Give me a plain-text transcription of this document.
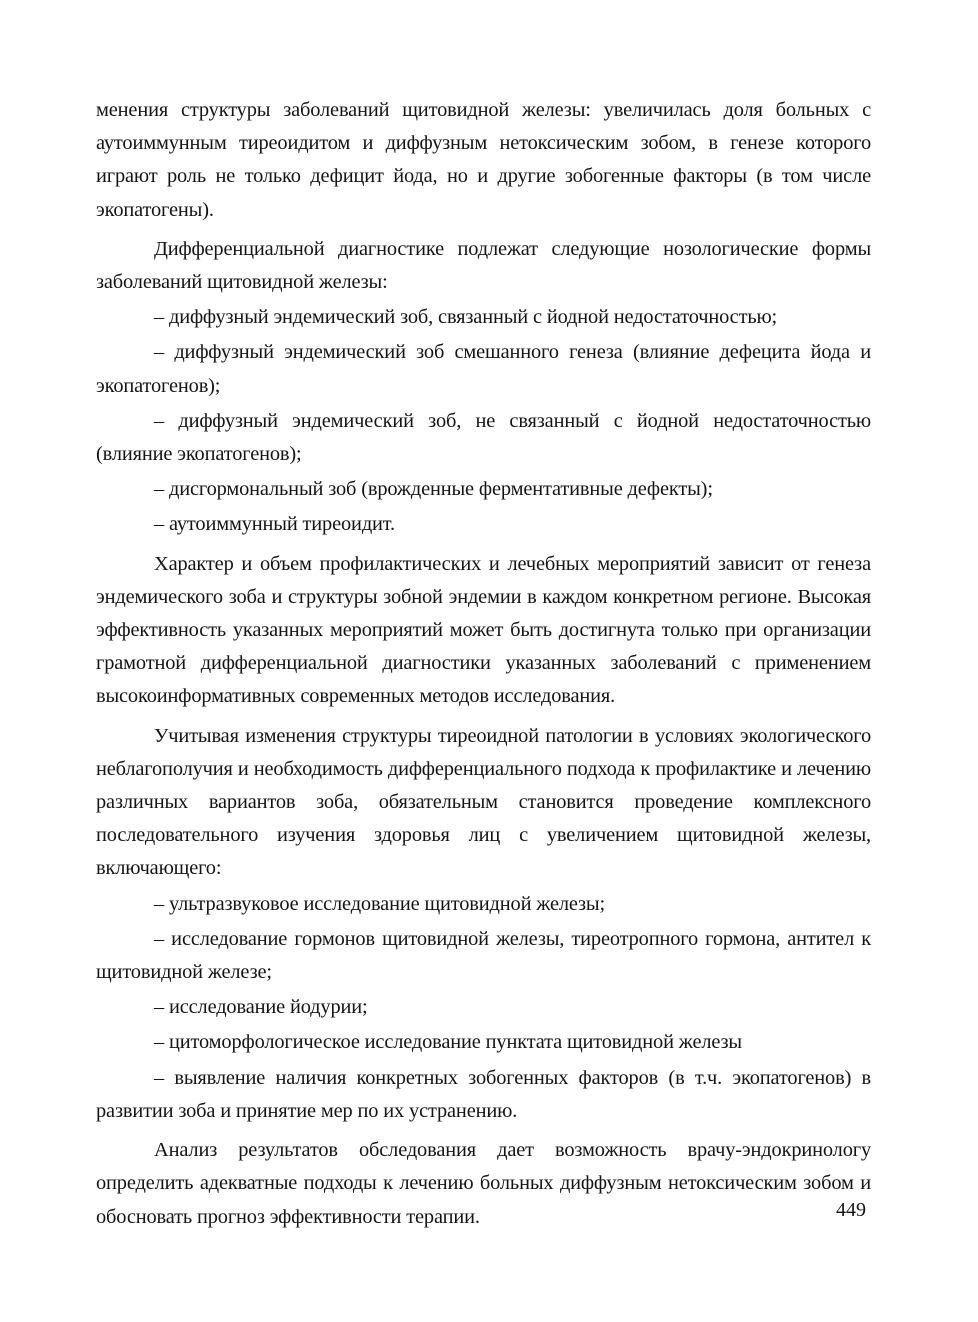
менения структуры заболеваний щитовидной железы: увеличилась доля больных с аутоиммунным тиреоидитом и диффузным нетоксическим зобом, в генезе которого играют роль не только дефицит йода, но и другие зобогенные факторы (в том числе экопатогены).

Дифференциальной диагностике подлежат следующие нозологические формы заболеваний щитовидной железы:

– диффузный эндемический зоб, связанный с йодной недостаточностью;

– диффузный эндемический зоб смешанного генеза (влияние дефецита йода и экопатогенов);

– диффузный эндемический зоб, не связанный с йодной недостаточностью (влияние экопатогенов);

– дисгормональный зоб (врожденные ферментативные дефекты);

– аутоиммунный тиреоидит.

Характер и объем профилактических и лечебных мероприятий зависит от генеза эндемического зоба и структуры зобной эндемии в каждом конкретном регионе. Высокая эффективность указанных мероприятий может быть достигнута только при организации грамотной дифференциальной диагностики указанных заболеваний с применением высокоинформативных современных методов исследования.

Учитывая изменения структуры тиреоидной патологии в условиях экологического неблагополучия и необходимость дифференциального подхода к профилактике и лечению различных вариантов зоба, обязательным становится проведение комплексного последовательного изучения здоровья лиц с увеличением щитовидной железы, включающего:

– ультразвуковое исследование щитовидной железы;

– исследование гормонов щитовидной железы, тиреотропного гормона, антител к щитовидной железе;

– исследование йодурии;

– цитоморфологическое исследование пунктата щитовидной железы

– выявление наличия конкретных зобогенных факторов (в т.ч. экопатогенов) в развитии зоба и принятие мер по их устранению.

Анализ результатов обследования дает возможность врачу-эндокринологу определить адекватные подходы к лечению больных диффузным нетоксическим зобом и обосновать прогноз эффективности терапии.	449
